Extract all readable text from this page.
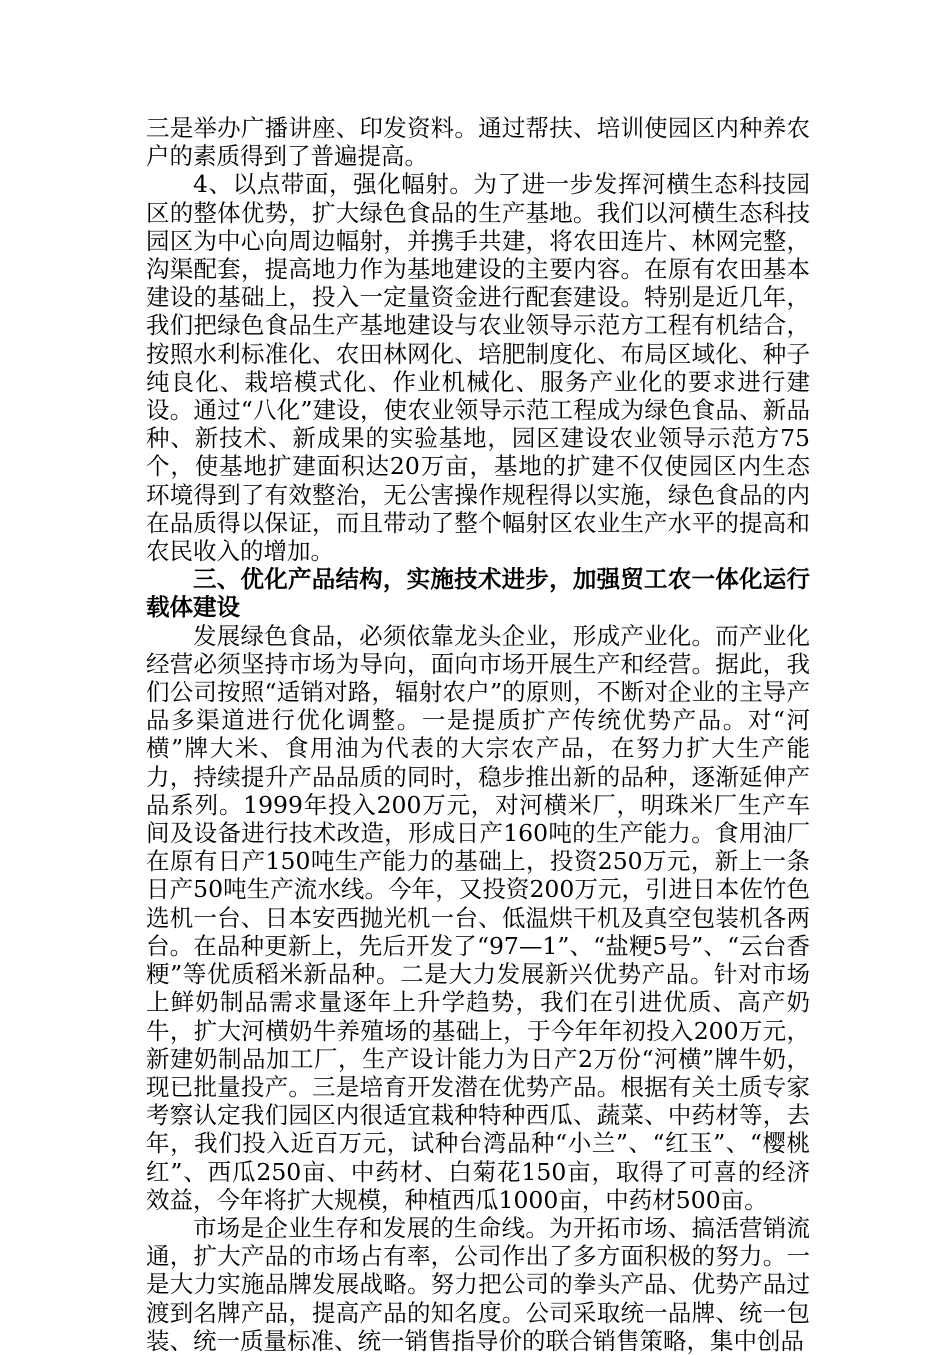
三是举办广播讲座、印发资料。通过帮扶、培训使园区内种养农户的素质得到了普遍提高。

4、以点带面，强化幅射。为了进一步发挥河横生态科技园区的整体优势，扩大绿色食品的生产基地。我们以河横生态科技园区为中心向周边幅射，并携手共建，将农田连片、林网完整，沟渠配套，提高地力作为基地建设的主要内容。在原有农田基本建设的基础上，投入一定量资金进行配套建设。特别是近几年，我们把绿色食品生产基地建设与农业领导示范方工程有机结合，按照水利标准化、农田林网化、培肥制度化、布局区域化、种子纯良化、栽培模式化、作业机械化、服务产业化的要求进行建设。通过“八化”建设，使农业领导示范工程成为绿色食品、新品种、新技术、新成果的实验基地，园区建设农业领导示范方75个，使基地扩建面积达20万亩，基地的扩建不仅使园区内生态环境得到了有效整治，无公害操作规程得以实施，绿色食品的内在品质得以保证，而且带动了整个幅射区农业生产水平的提高和农民收入的增加。

三、优化产品结构，实施技术进步，加强贸工农一体化运行载体建设

发展绿色食品，必须依靠龙头企业，形成产业化。而产业化经营必须坚持市场为导向，面向市场开展生产和经营。据此，我们公司按照“适销对路，辐射农户”的原则，不断对企业的主导产品多渠道进行优化调整。一是提质扩产传统优势产品。对“河横”牌大米、食用油为代表的大宗农产品，在努力扩大生产能力，持续提升产品品质的同时，稳步推出新的品种，逐渐延伸产品系列。1999年投入200万元，对河横米厂，明珠米厂生产车间及设备进行技术改造，形成日产160吨的生产能力。食用油厂在原有日产150吨生产能力的基础上，投资250万元，新上一条日产50吨生产流水线。今年，又投资200万元，引进日本佐竹色选机一台、日本安西抛光机一台、低温烘干机及真空包装机各两台。在品种更新上，先后开发了“97—1”、“盐粳5号”、“云台香粳”等优质稻米新品种。二是大力发展新兴优势产品。针对市场上鲜奶制品需求量逐年上升学趋势，我们在引进优质、高产奶牛，扩大河横奶牛养殖场的基础上，于今年年初投入200万元，新建奶制品加工厂，生产设计能力为日产2万份“河横”牌牛奶，现已批量投产。三是培育开发潜在优势产品。根据有关土质专家考察认定我们园区内很适宜栽种特种西瓜、蔬菜、中药材等，去年，我们投入近百万元，试种台湾品种“小兰”、“红玉”、“樱桃红”、西瓜250亩、中药材、白菊花150亩，取得了可喜的经济效益，今年将扩大规模，种植西瓜1000亩，中药材500亩。

市场是企业生存和发展的生命线。为开拓市场、搞活营销流通，扩大产品的市场占有率，公司作出了多方面积极的努力。一是大力实施品牌发展战略。努力把公司的拳头产品、优势产品过渡到名牌产品，提高产品的知名度。公司采取统一品牌、统一包装、统一质量标准、统一销售指导价的联合销售策略，集中创品
